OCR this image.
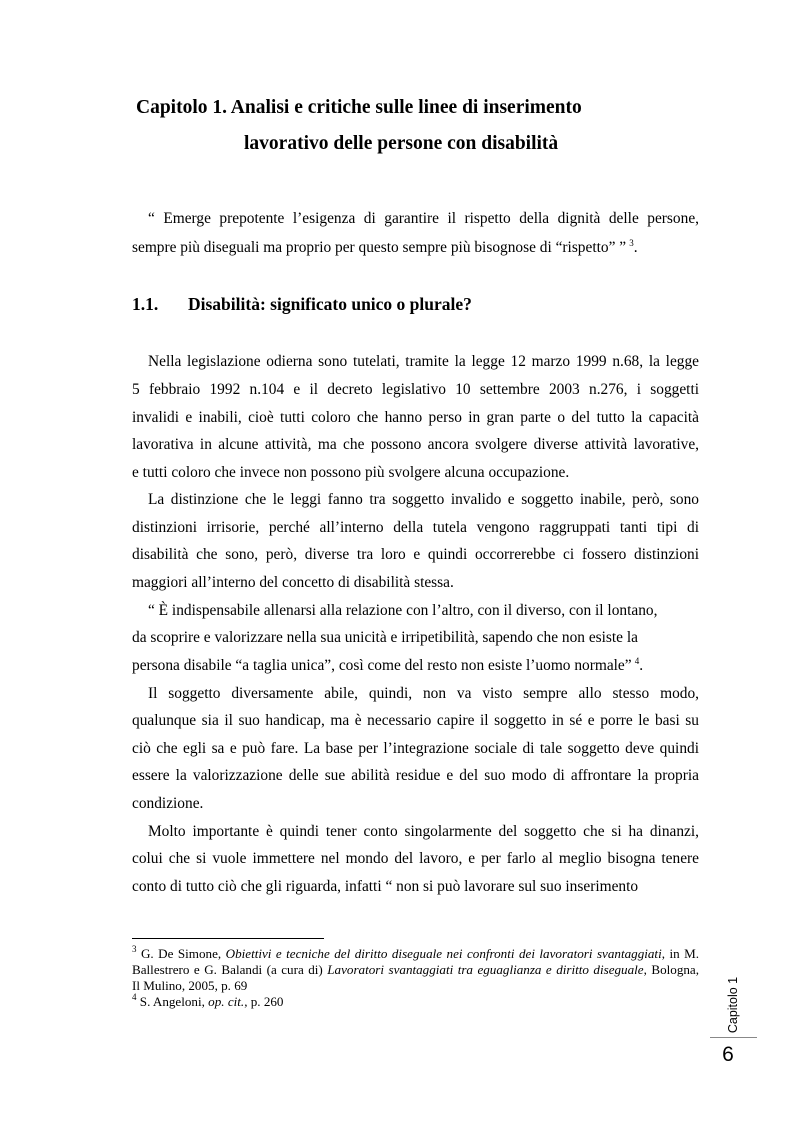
Capitolo 1. Analisi e critiche sulle linee di inserimento
lavorativo delle persone con disabilità
“ Emerge prepotente l’esigenza di garantire il rispetto della dignità delle persone,
sempre più diseguali ma proprio per questo sempre più bisognose di “rispetto” ”  $^3$.
1.1. Disabilità: significato unico o plurale?
Nella legislazione odierna sono tutelati, tramite la legge 12 marzo 1999 n.68, la legge
5 febbraio 1992 n.104 e il decreto legislativo 10 settembre 2003 n.276, i soggetti
invalidi e inabili, cioè tutti coloro che hanno perso in gran parte o del tutto la capacità
lavorativa in alcune attività, ma che possono ancora svolgere diverse attività lavorative,
e tutti coloro che invece non possono più svolgere alcuna occupazione.
La distinzione che le leggi fanno tra soggetto invalido e soggetto inabile, però, sono
distinzioni irrisorie, perché all’interno della tutela vengono raggruppati tanti tipi di
disabilità che sono, però, diverse tra loro e quindi occorrerebbe ci fossero distinzioni
maggiori all’interno del concetto di disabilità stessa.
“ È indispensabile allenarsi alla relazione con l’altro, con il diverso, con il lontano,
da scoprire e valorizzare nella sua unicità e irripetibilità, sapendo che non esiste la
persona disabile “a taglia unica”, così come del resto non esiste l’uomo normale”  $^4$.
Il soggetto diversamente abile, quindi, non va visto sempre allo stesso modo,
qualunque sia il suo handicap, ma è necessario capire il soggetto in sé e porre le basi su
ciò che egli sa e può fare. La base per l’integrazione sociale di tale soggetto deve quindi
essere la valorizzazione delle sue abilità residue e del suo modo di affrontare la propria
condizione.
Molto importante è quindi tener conto singolarmente del soggetto che si ha dinanzi,
colui che si vuole immettere nel mondo del lavoro, e per farlo al meglio bisogna tenere
conto di tutto ciò che gli riguarda, infatti “ non si può lavorare sul suo inserimento
$^3$ G. De Simone, Obiettivi e tecniche del diritto diseguale nei confronti dei lavoratori svantaggiati, in M.
Ballestrero e G. Balandi (a cura di) Lavoratori svantaggiati tra eguaglianza e diritto diseguale, Bologna,
Il Mulino, 2005, p. 69
$^4$ S. Angeloni, op. cit., p. 260	Capitolo 1
6
